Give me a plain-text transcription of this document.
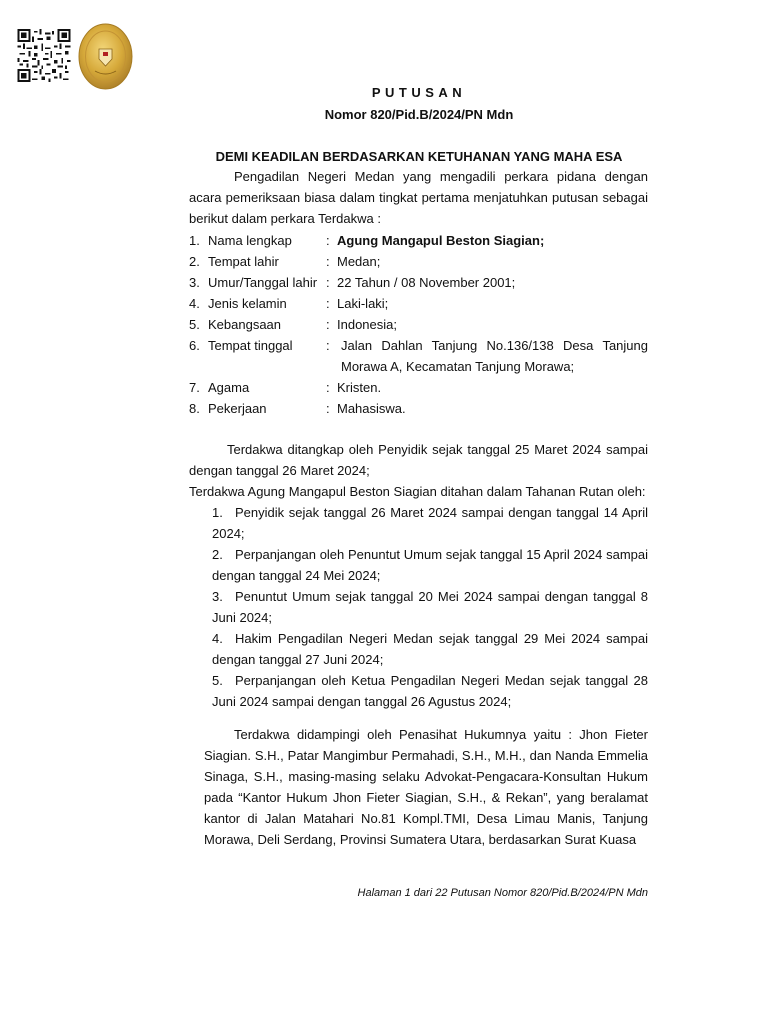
PUTUSAN
Nomor 820/Pid.B/2024/PN Mdn
DEMI KEADILAN BERDASARKAN KETUHANAN YANG MAHA ESA
Pengadilan Negeri Medan yang mengadili perkara pidana dengan acara pemeriksaan biasa dalam tingkat pertama menjatuhkan putusan sebagai berikut dalam perkara Terdakwa :
1. Nama lengkap	: Agung Mangapul Beston Siagian;
2. Tempat lahir	: Medan;
3. Umur/Tanggal lahir : 22 Tahun / 08 November 2001;
4. Jenis kelamin	: Laki-laki;
5. Kebangsaan	: Indonesia;
6. Tempat tinggal	: Jalan Dahlan Tanjung No.136/138 Desa Tanjung Morawa A, Kecamatan Tanjung Morawa;
7. Agama	: Kristen.
8. Pekerjaan	: Mahasiswa.
Terdakwa ditangkap oleh Penyidik sejak tanggal 25 Maret 2024 sampai dengan tanggal 26 Maret 2024;
Terdakwa Agung Mangapul Beston Siagian ditahan dalam Tahanan Rutan oleh:
1. Penyidik sejak tanggal 26 Maret 2024 sampai dengan tanggal 14 April 2024;
2. Perpanjangan oleh Penuntut Umum sejak tanggal 15 April 2024 sampai dengan tanggal 24 Mei 2024;
3. Penuntut Umum sejak tanggal 20 Mei 2024 sampai dengan tanggal 8 Juni 2024;
4. Hakim Pengadilan Negeri Medan sejak tanggal 29 Mei 2024 sampai dengan tanggal 27 Juni 2024;
5. Perpanjangan oleh Ketua Pengadilan Negeri Medan sejak tanggal 28 Juni 2024 sampai dengan tanggal 26 Agustus 2024;
Terdakwa didampingi oleh Penasihat Hukumnya yaitu : Jhon Fieter Siagian. S.H., Patar Mangimbur Permahadi, S.H., M.H., dan Nanda Emmelia Sinaga, S.H., masing-masing selaku Advokat-Pengacara-Konsultan Hukum pada “Kantor Hukum Jhon Fieter Siagian, S.H., & Rekan”, yang beralamat kantor di Jalan Matahari No.81 Kompl.TMI, Desa Limau Manis, Tanjung Morawa, Deli Serdang, Provinsi Sumatera Utara, berdasarkan Surat Kuasa
Halaman 1 dari 22 Putusan Nomor 820/Pid.B/2024/PN Mdn
